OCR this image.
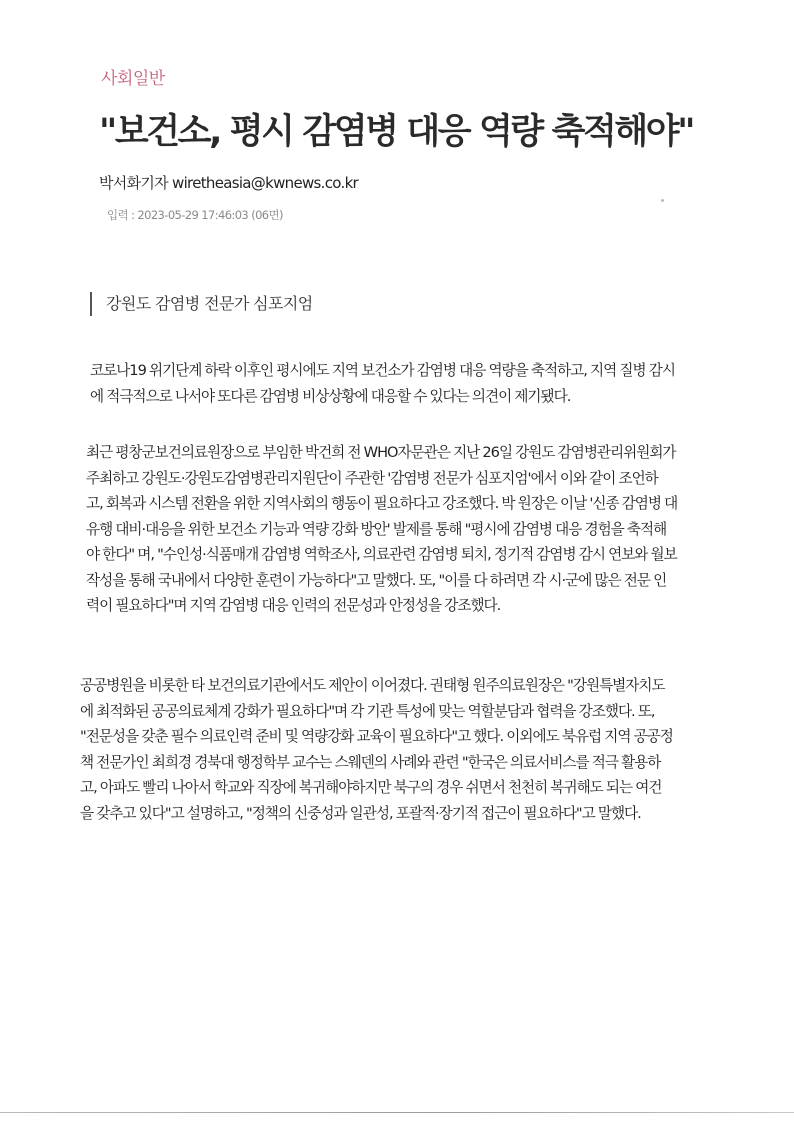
사회일반
"보건소, 평시 감염병 대응 역량 축적해야"
박서화기자 wiretheasia@kwnews.co.kr
입력 : 2023-05-29 17:46:03 (06면)
강원도 감염병 전문가 심포지엄
코로나19 위기단계 하락 이후인 평시에도 지역 보건소가 감염병 대응 역량을 축적하고, 지역 질병 감시
에 적극적으로 나서야 또다른 감염병 비상상황에 대응할 수 있다는 의견이 제기됐다.
최근 평창군보건의료원장으로 부임한 박건희 전 WHO자문관은 지난 26일 강원도 감염병관리위원회가
주최하고 강원도·강원도감염병관리지원단이 주관한 '감염병 전문가 심포지엄'에서 이와 같이 조언하
고, 회복과 시스템 전환을 위한 지역사회의 행동이 필요하다고 강조했다. 박 원장은 이날 '신종 감염병 대
유행 대비·대응을 위한 보건소 기능과 역량 강화 방안' 발제를 통해 "평시에 감염병 대응 경험을 축적해
야 한다" 며, "수인성·식품매개 감염병 역학조사, 의료관련 감염병 퇴치, 정기적 감염병 감시 연보와 월보
작성을 통해 국내에서 다양한 훈련이 가능하다"고 말했다. 또, "이를 다 하려면 각 시·군에 많은 전문 인
력이 필요하다"며 지역 감염병 대응 인력의 전문성과 안정성을 강조했다.
공공병원을 비롯한 타 보건의료기관에서도 제안이 이어졌다. 권태형 원주의료원장은 "강원특별자치도
에 최적화된 공공의료체계 강화가 필요하다"며 각 기관 특성에 맞는 역할분담과 협력을 강조했다. 또,
"전문성을 갖춘 필수 의료인력 준비 및 역량강화 교육이 필요하다"고 했다. 이외에도 북유럽 지역 공공정
책 전문가인 최희경 경북대 행정학부 교수는 스웨덴의 사례와 관련 "한국은 의료서비스를 적극 활용하
고, 아파도 빨리 나아서 학교와 직장에 복귀해야하지만 북구의 경우 쉬면서 천천히 복귀해도 되는 여건
을 갖추고 있다"고 설명하고, "정책의 신중성과 일관성, 포괄적·장기적 접근이 필요하다"고 말했다.
